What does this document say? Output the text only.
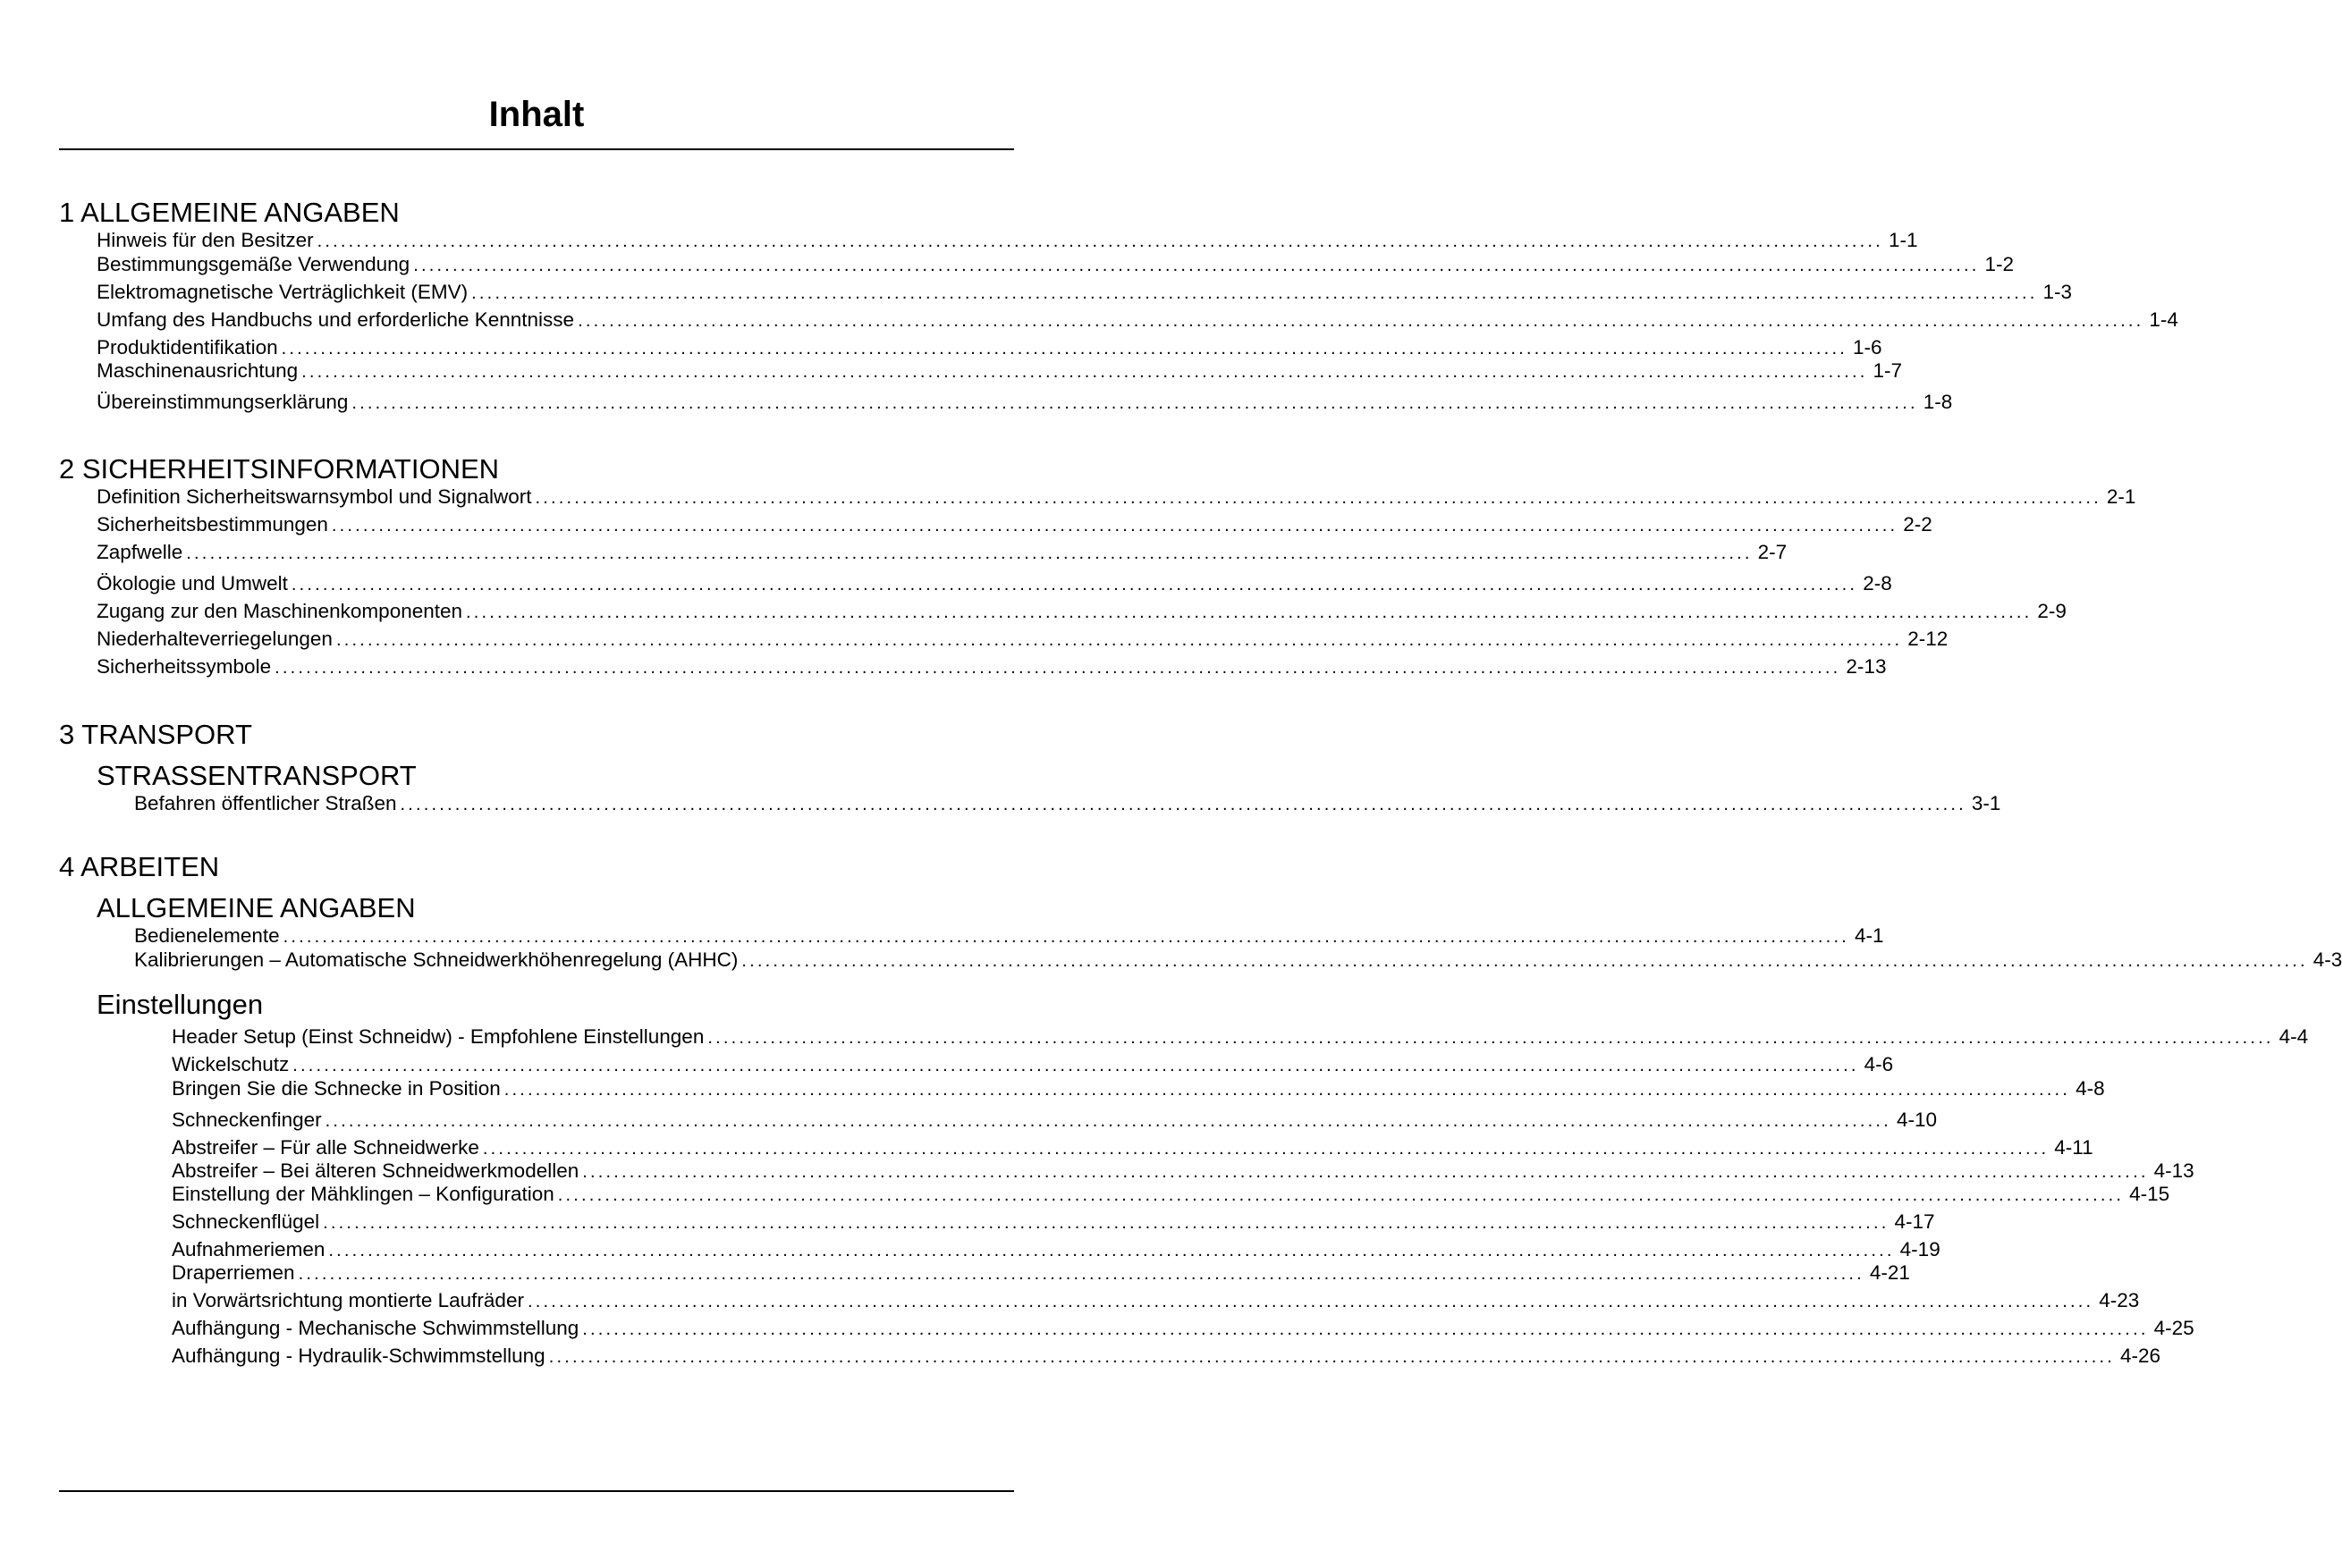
Inhalt
1 ALLGEMEINE ANGABEN
Hinweis für den Besitzer ........................................................................................................................................................................................................ 1-1
Bestimmungsgemäße Verwendung ........................................................................................................................................................................................................ 1-2
Elektromagnetische Verträglichkeit (EMV) ........................................................................................................................................................................................................ 1-3
Umfang des Handbuchs und erforderliche Kenntnisse ........................................................................................................................................................................................................ 1-4
Produktidentifikation ........................................................................................................................................................................................................ 1-6
Maschinenausrichtung ........................................................................................................................................................................................................ 1-7
Übereinstimmungserklärung ........................................................................................................................................................................................................ 1-8
2 SICHERHEITSINFORMATIONEN
Definition Sicherheitswarnsymbol und Signalwort ........................................................................................................................................................................................................ 2-1
Sicherheitsbestimmungen ........................................................................................................................................................................................................ 2-2
Zapfwelle ........................................................................................................................................................................................................ 2-7
Ökologie und Umwelt ........................................................................................................................................................................................................ 2-8
Zugang zur den Maschinenkomponenten ........................................................................................................................................................................................................ 2-9
Niederhalteverriegelungen ........................................................................................................................................................................................................ 2-12
Sicherheitssymbole ........................................................................................................................................................................................................ 2-13
3 TRANSPORT
STRASSENTRANSPORT
Befahren öffentlicher Straßen ........................................................................................................................................................................................................ 3-1
4 ARBEITEN
ALLGEMEINE ANGABEN
Bedienelemente ........................................................................................................................................................................................................ 4-1
Kalibrierungen – Automatische Schneidwerkhöhenregelung (AHHC) ........................................................................................................................................................................................................ 4-3
Einstellungen
Header Setup (Einst Schneidw) - Empfohlene Einstellungen ........................................................................................................................................................................................................ 4-4
Wickelschutz ........................................................................................................................................................................................................ 4-6
Bringen Sie die Schnecke in Position ........................................................................................................................................................................................................ 4-8
Schneckenfinger ........................................................................................................................................................................................................ 4-10
Abstreifer – Für alle Schneidwerke ........................................................................................................................................................................................................ 4-11
Abstreifer – Bei älteren Schneidwerkmodellen ........................................................................................................................................................................................................ 4-13
Einstellung der Mähklingen – Konfiguration ........................................................................................................................................................................................................ 4-15
Schneckenflügel ........................................................................................................................................................................................................ 4-17
Aufnahmeriemen ........................................................................................................................................................................................................ 4-19
Draperriemen ........................................................................................................................................................................................................ 4-21
in Vorwärtsrichtung montierte Laufräder ........................................................................................................................................................................................................ 4-23
Aufhängung - Mechanische Schwimmstellung ........................................................................................................................................................................................................ 4-25
Aufhängung - Hydraulik-Schwimmstellung ........................................................................................................................................................................................................ 4-26
